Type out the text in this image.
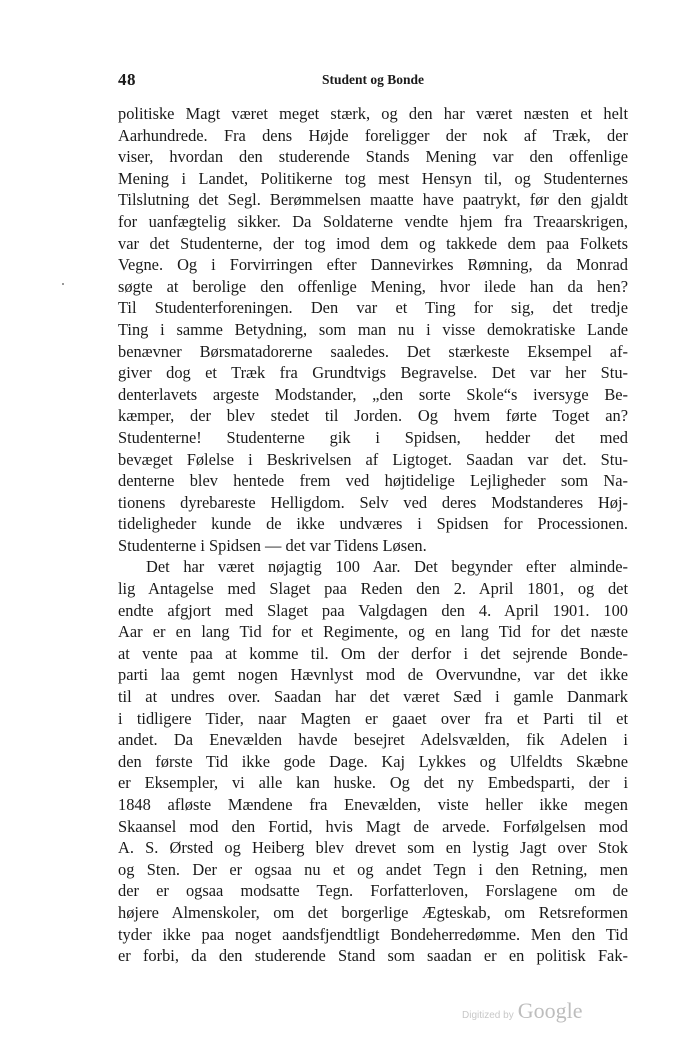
48	Student og Bonde
politiske Magt været meget stærk, og den har været næsten et helt
Aarhundrede. Fra dens Højde foreligger der nok af Træk, der
viser, hvordan den studerende Stands Mening var den offenlige
Mening i Landet, Politikerne tog mest Hensyn til, og Studenternes
Tilslutning det Segl. Berømmelsen maatte have paatrykt, før den gjaldt
for uanfægtelig sikker. Da Soldaterne vendte hjem fra Treaarskrigen,
var det Studenterne, der tog imod dem og takkede dem paa Folkets
Vegne. Og i Forvirringen efter Dannevirkes Rømning, da Monrad
søgte at berolige den offenlige Mening, hvor ilede han da hen?
Til Studenterforeningen. Den var et Ting for sig, det tredje
Ting i samme Betydning, som man nu i visse demokratiske Lande
benævner Børsmatadorerne saaledes. Det stærkeste Eksempel af-
giver dog et Træk fra Grundtvigs Begravelse. Det var her Stu-
denterlavets argeste Modstander, „den sorte Skole“s iversyge Be-
kæmper, der blev stedet til Jorden. Og hvem førte Toget an?
Studenterne! Studenterne gik i Spidsen, hedder det med
bevæget Følelse i Beskrivelsen af Ligtoget. Saadan var det. Stu-
denterne blev hentede frem ved højtidelige Lejligheder som Na-
tionens dyrebareste Helligdom. Selv ved deres Modstanderes Høj-
tideligheder kunde de ikke undværes i Spidsen for Processionen.
Studenterne i Spidsen — det var Tidens Løsen.
Det har været nøjagtig 100 Aar. Det begynder efter alminde-
lig Antagelse med Slaget paa Reden den 2. April 1801, og det
endte afgjort med Slaget paa Valgdagen den 4. April 1901. 100
Aar er en lang Tid for et Regimente, og en lang Tid for det næste
at vente paa at komme til. Om der derfor i det sejrende Bonde-
parti laa gemt nogen Hævnlyst mod de Overvundne, var det ikke
til at undres over. Saadan har det været Sæd i gamle Danmark
i tidligere Tider, naar Magten er gaaet over fra et Parti til et
andet. Da Enevælden havde besejret Adelsvælden, fik Adelen i
den første Tid ikke gode Dage. Kaj Lykkes og Ulfeldts Skæbne
er Eksempler, vi alle kan huske. Og det ny Embedsparti, der i
1848 afløste Mændene fra Enevælden, viste heller ikke megen
Skaansel mod den Fortid, hvis Magt de arvede. Forfølgelsen mod
A. S. Ørsted og Heiberg blev drevet som en lystig Jagt over Stok
og Sten. Der er ogsaa nu et og andet Tegn i den Retning, men
der er ogsaa modsatte Tegn. Forfatterloven, Forslagene om de
højere Almenskoler, om det borgerlige Ægteskab, om Retsreformen
tyder ikke paa noget aandsfjendtligt Bondeherredømme. Men den Tid
er forbi, da den studerende Stand som saadan er en politisk Fak-
Digitized by Google
